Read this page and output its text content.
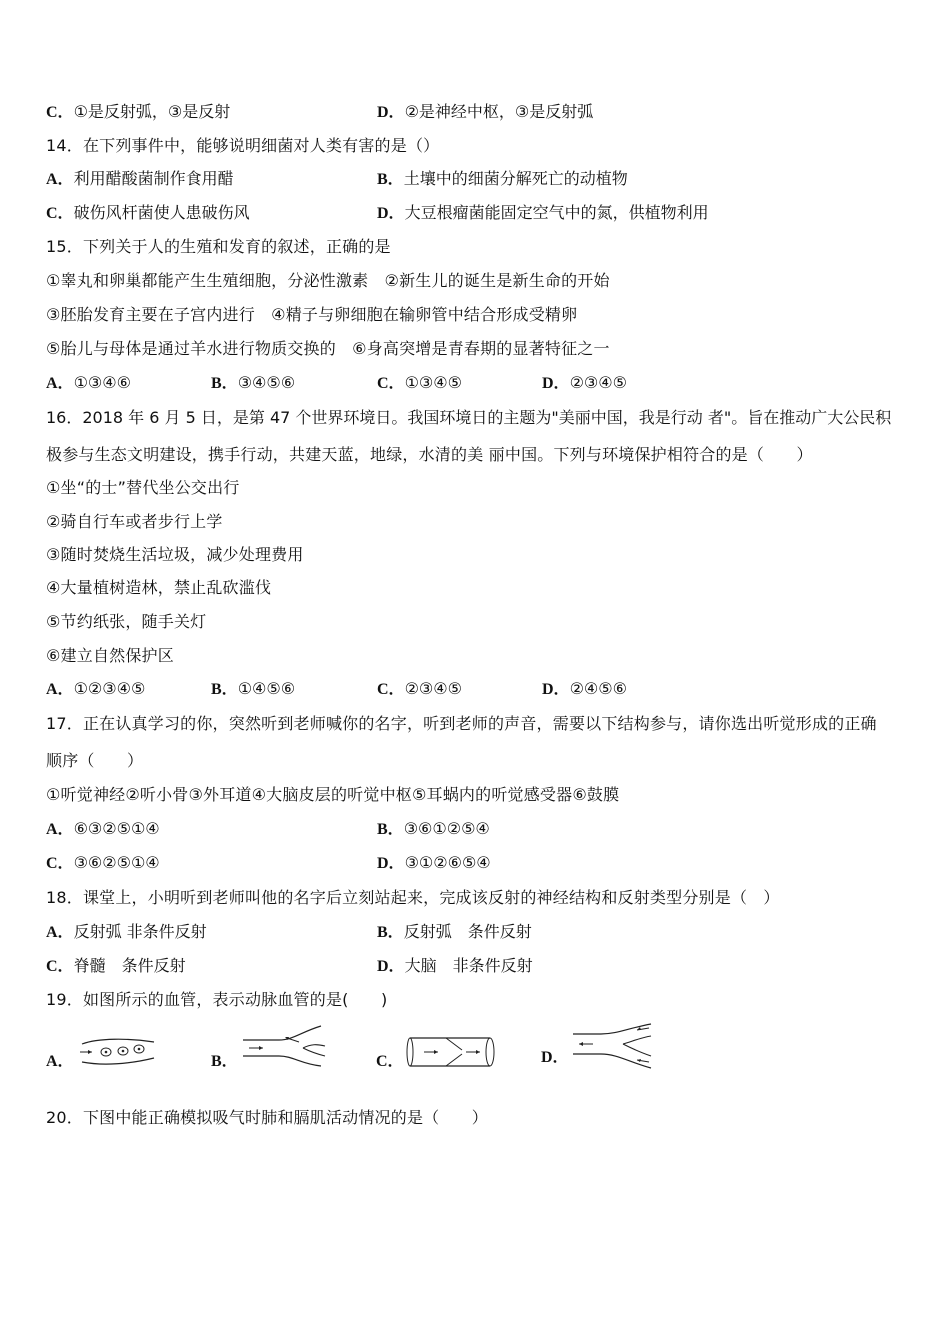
C．①是反射弧，③是反射	D．②是神经中枢，③是反射弧
14．在下列事件中，能够说明细菌对人类有害的是（）
A．利用醋酸菌制作食用醋	B．土壤中的细菌分解死亡的动植物
C．破伤风杆菌使人患破伤风	D．大豆根瘤菌能固定空气中的氮，供植物利用
15．下列关于人的生殖和发育的叙述，正确的是
①睾丸和卵巢都能产生生殖细胞，分泌性激素　②新生儿的诞生是新生命的开始
③胚胎发育主要在子宫内进行　④精子与卵细胞在输卵管中结合形成受精卵
⑤胎儿与母体是通过羊水进行物质交换的　⑥身高突增是青春期的显著特征之一
A．①③④⑥	B．③④⑤⑥	C．①③④⑤	D．②③④⑤
16．2018 年 6 月 5 日，是第 47 个世界环境日。我国环境日的主题为"美丽中国，我是行动 者"。旨在推动广大公民积
极参与生态文明建设，携手行动，共建天蓝，地绿，水清的美 丽中国。下列与环境保护相符合的是（　　）
①坐“的士”替代坐公交出行
②骑自行车或者步行上学
③随时焚烧生活垃圾，减少处理费用
④大量植树造林，禁止乱砍滥伐
⑤节约纸张，随手关灯
⑥建立自然保护区
A．①②③④⑤	B．①④⑤⑥	C．②③④⑤	D．②④⑤⑥
17．正在认真学习的你，突然听到老师喊你的名字，听到老师的声音，需要以下结构参与，请你选出听觉形成的正确
顺序（　　）
①听觉神经②听小骨③外耳道④大脑皮层的听觉中枢⑤耳蜗内的听觉感受器⑥鼓膜
A．⑥③②⑤①④	B．③⑥①②⑤④
C．③⑥②⑤①④	D．③①②⑥⑤④
18．课堂上，小明听到老师叫他的名字后立刻站起来，完成该反射的神经结构和反射类型分别是（　）
A．反射弧 非条件反射	B．反射弧　条件反射
C．脊髓　条件反射	D．大脑　非条件反射
19．如图所示的血管，表示动脉血管的是(　　)
A．	B．	C．	D．
20．下图中能正确模拟吸气时肺和膈肌活动情况的是（　　）
